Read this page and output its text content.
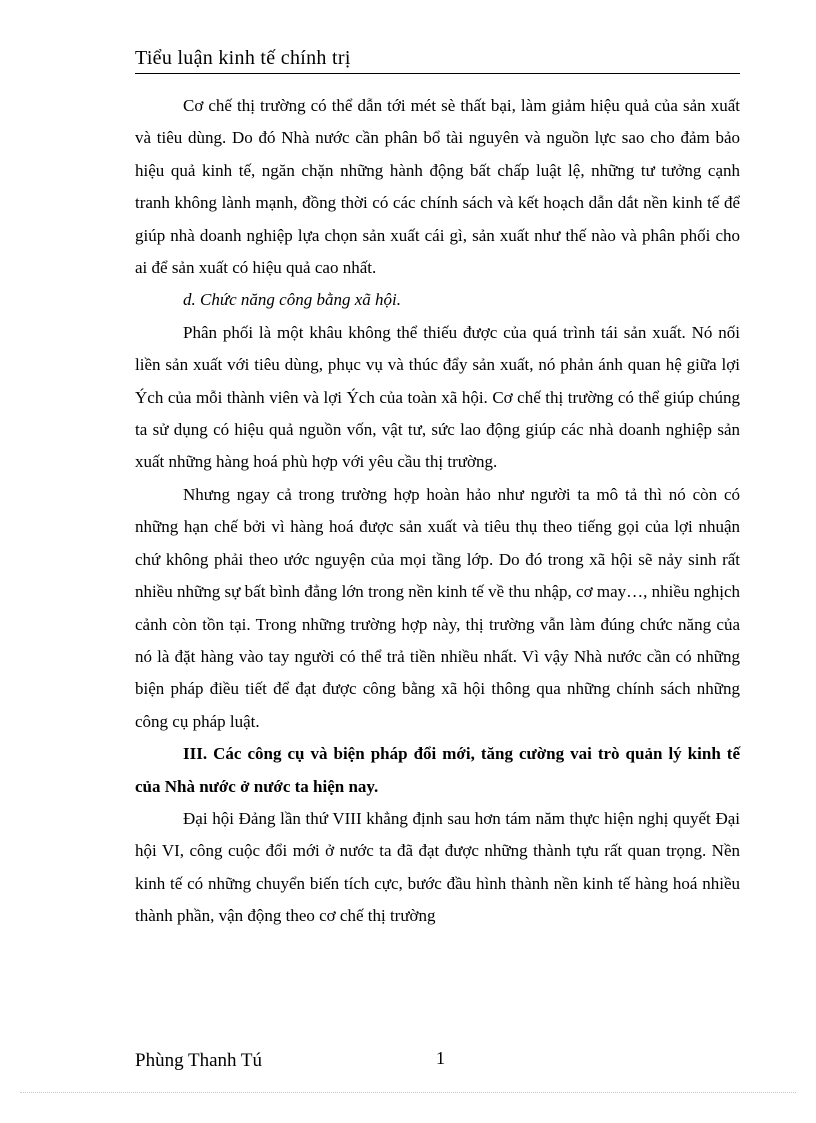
Tiểu luận kinh tế chính trị

Cơ chế thị trường có thể dẫn tới mét sè thất bại, làm giảm hiệu quả của sản xuất và tiêu dùng. Do đó Nhà nước cần phân bổ tài nguyên và nguồn lực sao cho đảm bảo hiệu quả kinh tế, ngăn chặn những hành động bất chấp luật lệ, những tư tưởng cạnh tranh không lành mạnh, đồng thời có các chính sách và kết hoạch dẫn dắt nền kinh tế để giúp nhà doanh nghiệp lựa chọn sản xuất cái gì, sản xuất như thế nào và phân phối cho ai để sản xuất có hiệu quả cao nhất.

d. Chức năng công bằng xã hội.

Phân phối là một khâu không thể thiếu được của quá trình tái sản xuất. Nó nối liền sản xuất với tiêu dùng, phục vụ và thúc đẩy sản xuất, nó phản ánh quan hệ giữa lợi Ých của mỗi thành viên và lợi Ých của toàn xã hội. Cơ chế thị trường có thể giúp chúng ta sử dụng có hiệu quả nguồn vốn, vật tư, sức lao động giúp các nhà doanh nghiệp sản xuất những hàng hoá phù hợp với yêu cầu thị trường.

Nhưng ngay cả trong trường hợp hoàn hảo như người ta mô tả thì nó còn có những hạn chế bởi vì hàng hoá được sản xuất và tiêu thụ theo tiếng gọi của lợi nhuận chứ không phải theo ước nguyện của mọi tầng lớp. Do đó trong xã hội sẽ nảy sinh rất nhiều những sự bất bình đẳng lớn trong nền kinh tế về thu nhập, cơ may…, nhiều nghịch cảnh còn tồn tại. Trong những trường hợp này, thị trường vẫn làm đúng chức năng của nó là đặt hàng vào tay người có thể trả tiền nhiều nhất. Vì vậy Nhà nước cần có những biện pháp điều tiết để đạt được công bằng xã hội thông qua những chính sách những công cụ pháp luật.

III. Các công cụ và biện pháp đổi mới, tăng cường vai trò quản lý kinh tế của Nhà nước ở nước ta hiện nay.

Đại hội Đảng lần thứ VIII khẳng định sau hơn tám năm thực hiện nghị quyết Đại hội VI, công cuộc đổi mới ở nước ta đã đạt được những thành tựu rất quan trọng. Nền kinh tế có những chuyển biến tích cực, bước đầu hình thành nền kinh tế hàng hoá nhiều thành phần, vận động theo cơ chế thị trường

Phùng Thanh Tú	1
